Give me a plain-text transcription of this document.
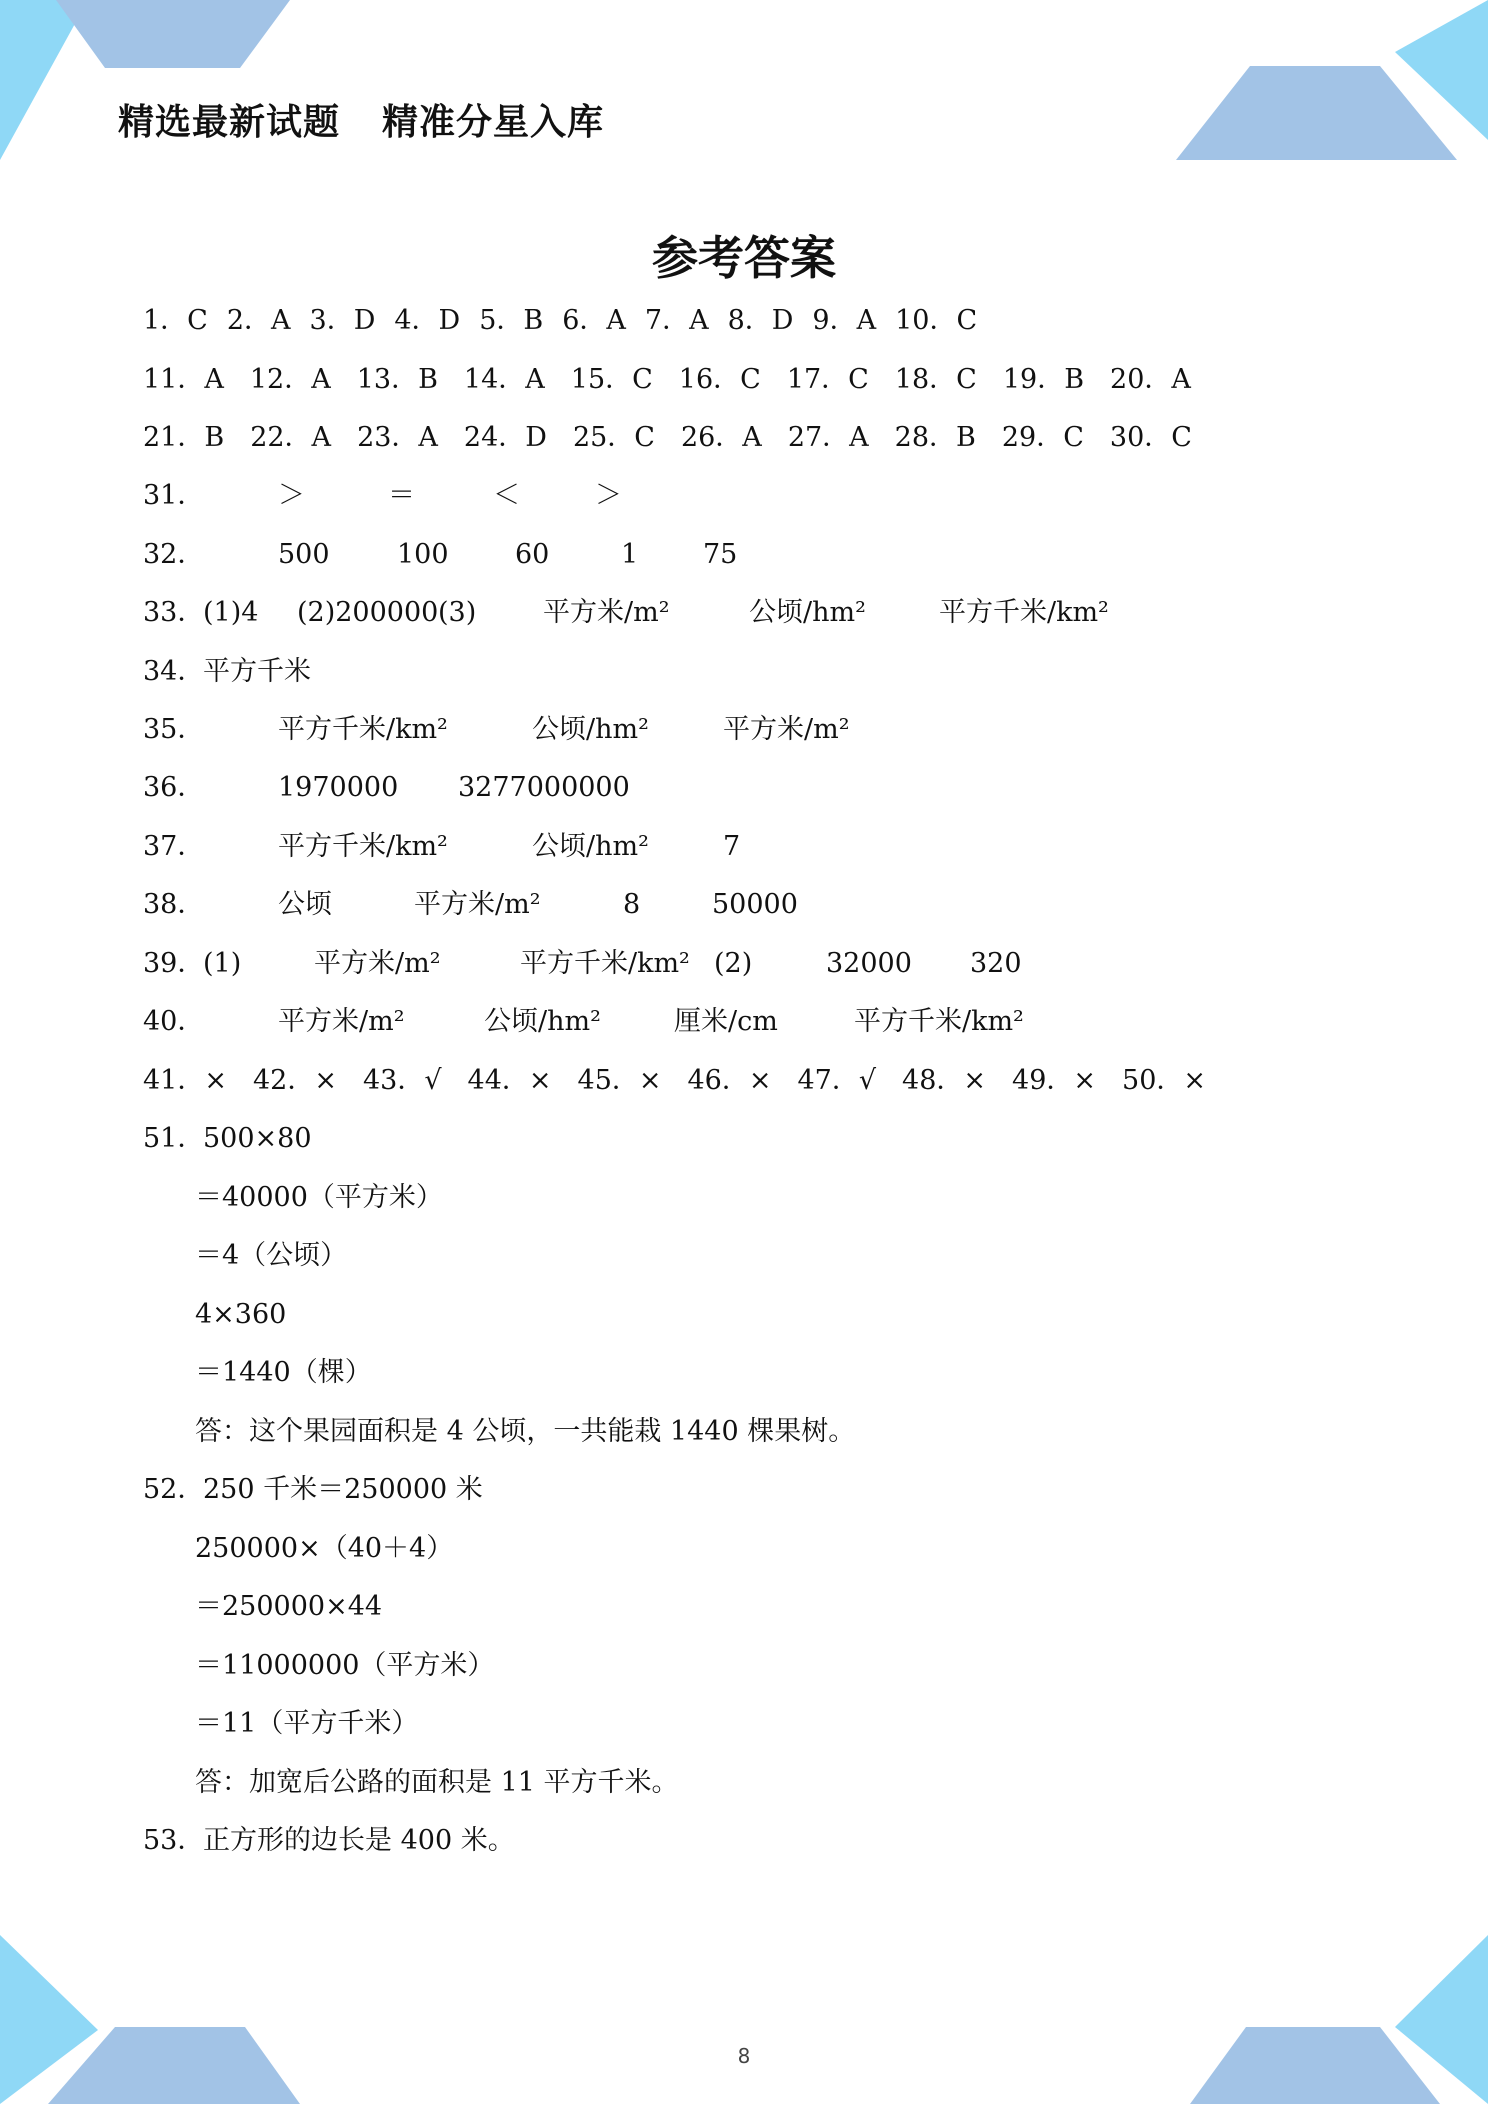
精选最新试题 精准分星入库
参考答案
1．C 2．A 3．D 4．D 5．B 6．A 7．A 8．D 9．A 10．C
11．A 12．A 13．B 14．A 15．C 16．C 17．C 18．C 19．B 20．A
21．B 22．A 23．A 24．D 25．C 26．A 27．A 28．B 29．C 30．C
31．	＞	＝	＜	＞
32．	500 100 60	1 75
33．(1)4 (2)200000(3) 平方米/m²	公顷/hm²	平方千米/km²
34．平方千米
35．	平方千米/km²	公顷/hm²	平方米/m²
36．	1970000 3277000000
37．	平方千米/km²	公顷/hm²	7
38．	公顷	平方米/m²	8	50000
39．(1)	平方米/m²	平方千米/km² (2)	32000 320
40．	平方米/m²	公顷/hm²	厘米/cm	平方千米/km²
41．× 42．× 43．√ 44．× 45．× 46．× 47．√ 48．× 49．× 50．×
51．500×80
＝40000（平方米）
＝4（公顷）
4×360
＝1440（棵）
答：这个果园面积是 4 公顷，一共能栽 1440 棵果树。
52．250 千米＝250000 米
250000×（40＋4）
＝250000×44
＝11000000（平方米）
＝11（平方千米）
答：加宽后公路的面积是 11 平方千米。
53．正方形的边长是 400 米。
8
